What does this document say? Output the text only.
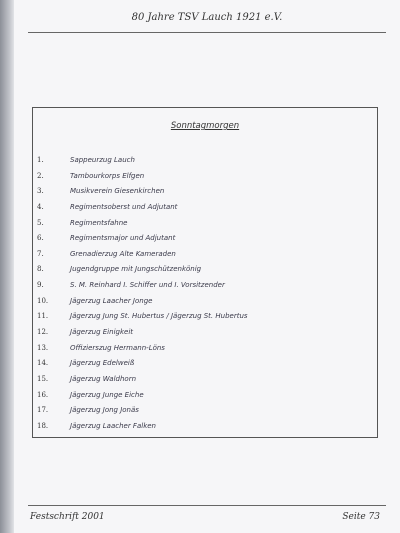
80 Jahre TSV Lauch 1921 e.V.
Sonntagmorgen
1.	Sappeurzug Lauch
2.	Tambourkorps Elfgen
3.	Musikverein Giesenkirchen
4.	Regimentsoberst und Adjutant
5.	Regimentsfahne
6.	Regimentsmajor und Adjutant
7.	Grenadierzug Alte Kameraden
8.	Jugendgruppe mit Jungschützenkönig
9.	S. M. Reinhard I. Schiffer und I. Vorsitzender
10.	Jägerzug Laacher Jonge
11.	Jägerzug Jung St. Hubertus / Jägerzug St. Hubertus
12.	Jägerzug Einigkeit
13.	Offizierszug Hermann-Löns
14.	Jägerzug Edelweiß
15.	Jägerzug Waldhorn
16.	Jägerzug Junge Eiche
17.	Jägerzug Jong Jonäs
18.	Jägerzug Laacher Falken
Festschrift 2001	Seite 73
